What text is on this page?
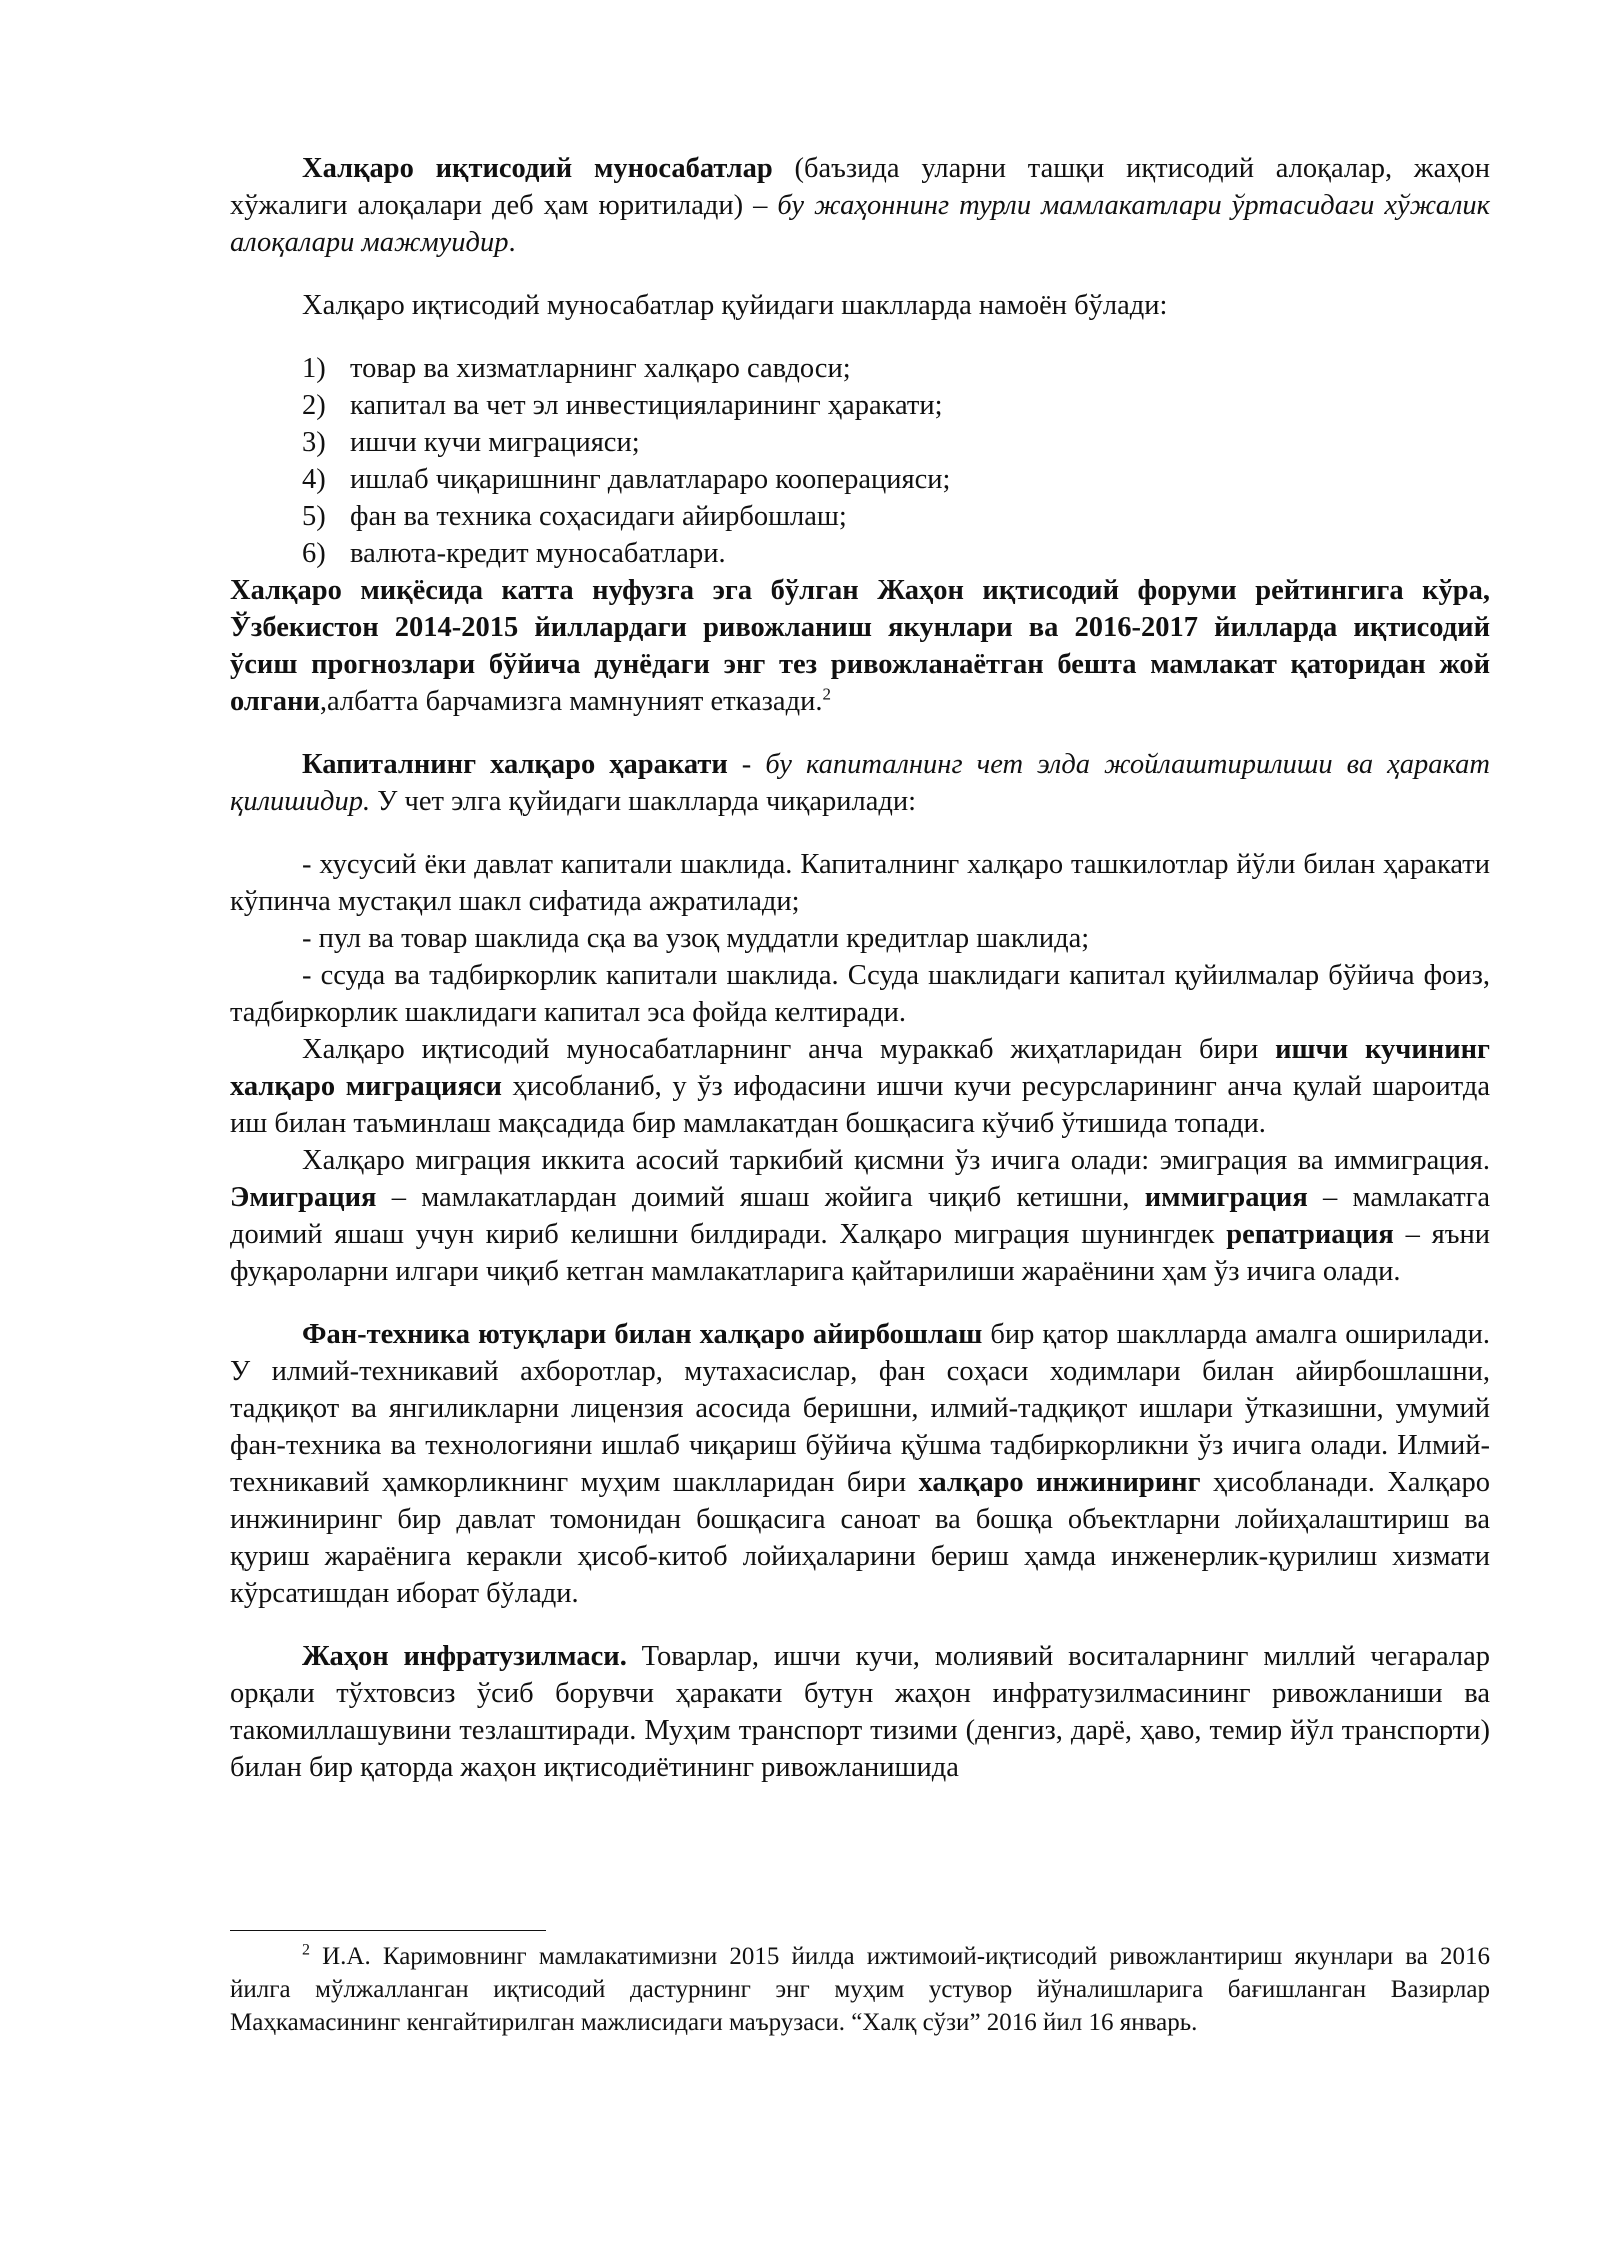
Халқаро иқтисодий муносабатлар (баъзида уларни ташқи иқтисодий алоқалар, жаҳон хўжалиги алоқалари деб ҳам юритилади) – бу жаҳоннинг турли мамлакатлари ўртасидаги хўжалик алоқалари мажмуидир.

Халқаро иқтисодий муносабатлар қуйидаги шаклларда намоён бўлади:

1) товар ва хизматларнинг халқаро савдоси;
2) капитал ва чет эл инвестицияларининг ҳаракати;
3) ишчи кучи миграцияси;
4) ишлаб чиқаришнинг давлатлараро кооперацияси;
5) фан ва техника соҳасидаги айирбошлаш;
6) валюта-кредит муносабатлари.

Халқаро миқёсида катта нуфузга эга бўлган Жаҳон иқтисодий форуми рейтингига кўра, Ўзбекистон 2014-2015 йиллардаги ривожланиш якунлари ва 2016-2017 йилларда иқтисодий ўсиш прогнозлари бўйича дунёдаги энг тез ривожланаётган бешта мамлакат қаторидан жой олгани,албатта барчамизга мамнуният етказади.$^2$

Капиталнинг халқаро ҳаракати - бу капиталнинг чет элда жойлаштирилиши ва ҳаракат қилишидир. У чет элга қуйидаги шаклларда чиқарилади:

- хусусий ёки давлат капитали шаклида. Капиталнинг халқаро ташкилотлар йўли билан ҳаракати кўпинча мустақил шакл сифатида ажратилади;

- пул ва товар шаклида сқа ва узоқ муддатли кредитлар шаклида;

- ссуда ва тадбиркорлик капитали шаклида. Ссуда шаклидаги капитал қуйилмалар бўйича фоиз, тадбиркорлик шаклидаги капитал эса фойда келтиради.

Халқаро иқтисодий муносабатларнинг анча мураккаб жиҳатларидан бири ишчи кучининг халқаро миграцияси ҳисобланиб, у ўз ифодасини ишчи кучи ресурсларининг анча қулай шароитда иш билан таъминлаш мақсадида бир мамлакатдан бошқасига кўчиб ўтишида топади.

Халқаро миграция иккита асосий таркибий қисмни ўз ичига олади: эмиграция ва иммиграция. Эмиграция – мамлакатлардан доимий яшаш жойига чиқиб кетишни, иммиграция – мамлакатга доимий яшаш учун кириб келишни билдиради. Халқаро миграция шунингдек репатриация – яъни фуқароларни илгари чиқиб кетган мамлакатларига қайтарилиши жараёнини ҳам ўз ичига олади.

Фан-техника ютуқлари билан халқаро айирбошлаш бир қатор шаклларда амалга оширилади. У илмий-техникавий ахборотлар, мутахасислар, фан соҳаси ходимлари билан айирбошлашни, тадқиқот ва янгиликларни лицензия асосида беришни, илмий-тадқиқот ишлари ўтказишни, умумий фан-техника ва технологияни ишлаб чиқариш бўйича қўшма тадбиркорликни ўз ичига олади. Илмий-техникавий ҳамкорликнинг муҳим шаклларидан бири халқаро инжиниринг ҳисобланади. Халқаро инжиниринг бир давлат томонидан бошқасига саноат ва бошқа объектларни лойиҳалаштириш ва қуриш жараёнига керакли ҳисоб-китоб лойиҳаларини бериш ҳамда инженерлик-қурилиш хизмати кўрсатишдан иборат бўлади.

Жаҳон инфратузилмаси. Товарлар, ишчи кучи, молиявий воситаларнинг миллий чегаралар орқали тўхтовсиз ўсиб борувчи ҳаракати бутун жаҳон инфратузилмасининг ривожланиши ва такомиллашувини тезлаштиради. Муҳим транспорт тизими (денгиз, дарё, ҳаво, темир йўл транспорти) билан бир қаторда жаҳон иқтисодиётининг ривожланишида

$^2$ И.А. Каримовнинг мамлакатимизни 2015 йилда ижтимоий-иқтисодий ривожлантириш якунлари ва 2016 йилга мўлжалланган иқтисодий дастурнинг энг муҳим устувор йўналишларига бағишланган Вазирлар Маҳкамасининг кенгайтирилган мажлисидаги маърузаси. “Халқ сўзи” 2016 йил 16 январь.
